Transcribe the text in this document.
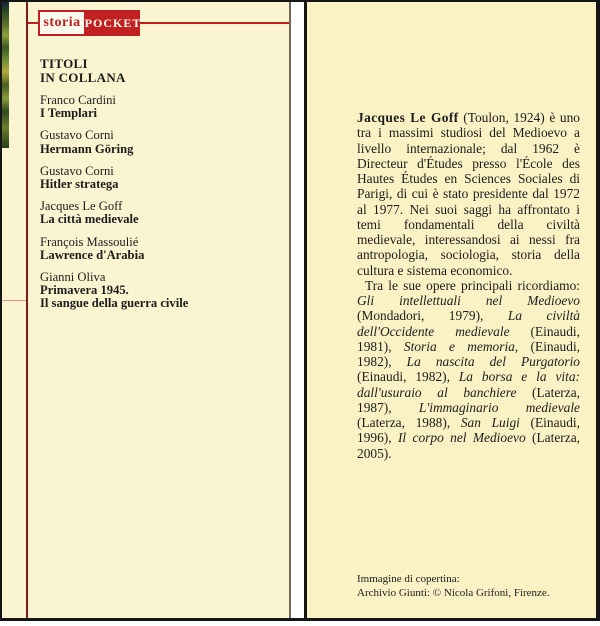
storia POCKET
TITOLI
IN COLLANA
Franco Cardini
I Templari
Gustavo Corni
Hermann Göring
Gustavo Corni
Hitler stratega
Jacques Le Goff
La città medievale
François Massoulié
Lawrence d'Arabia
Gianni Oliva
Primavera 1945.
Il sangue della guerra civile

Jacques Le Goff (Toulon, 1924) è uno tra i massimi studiosi del Medioevo a livello internazionale; dal 1962 è Directeur d'Études presso l'École des Hautes Études en Sciences Sociales di Parigi, di cui è stato presidente dal 1972 al 1977. Nei suoi saggi ha affrontato i temi fondamentali della civiltà medievale, interessandosi ai nessi fra antropologia, sociologia, storia della cultura e sistema economico.

Tra le sue opere principali ricordiamo: Gli intellettuali nel Medioevo (Mondadori, 1979), La civiltà dell'Occidente medievale (Einaudi, 1981), Storia e memoria, (Einaudi, 1982), La nascita del Purgatorio (Einaudi, 1982), La borsa e la vita: dall'usuraio al banchiere (Laterza, 1987), L'immaginario medievale (Laterza, 1988), San Luigi (Einaudi, 1996), Il corpo nel Medioevo (Laterza, 2005).

Immagine di copertina:
Archivio Giunti: © Nicola Grifoni, Firenze.
